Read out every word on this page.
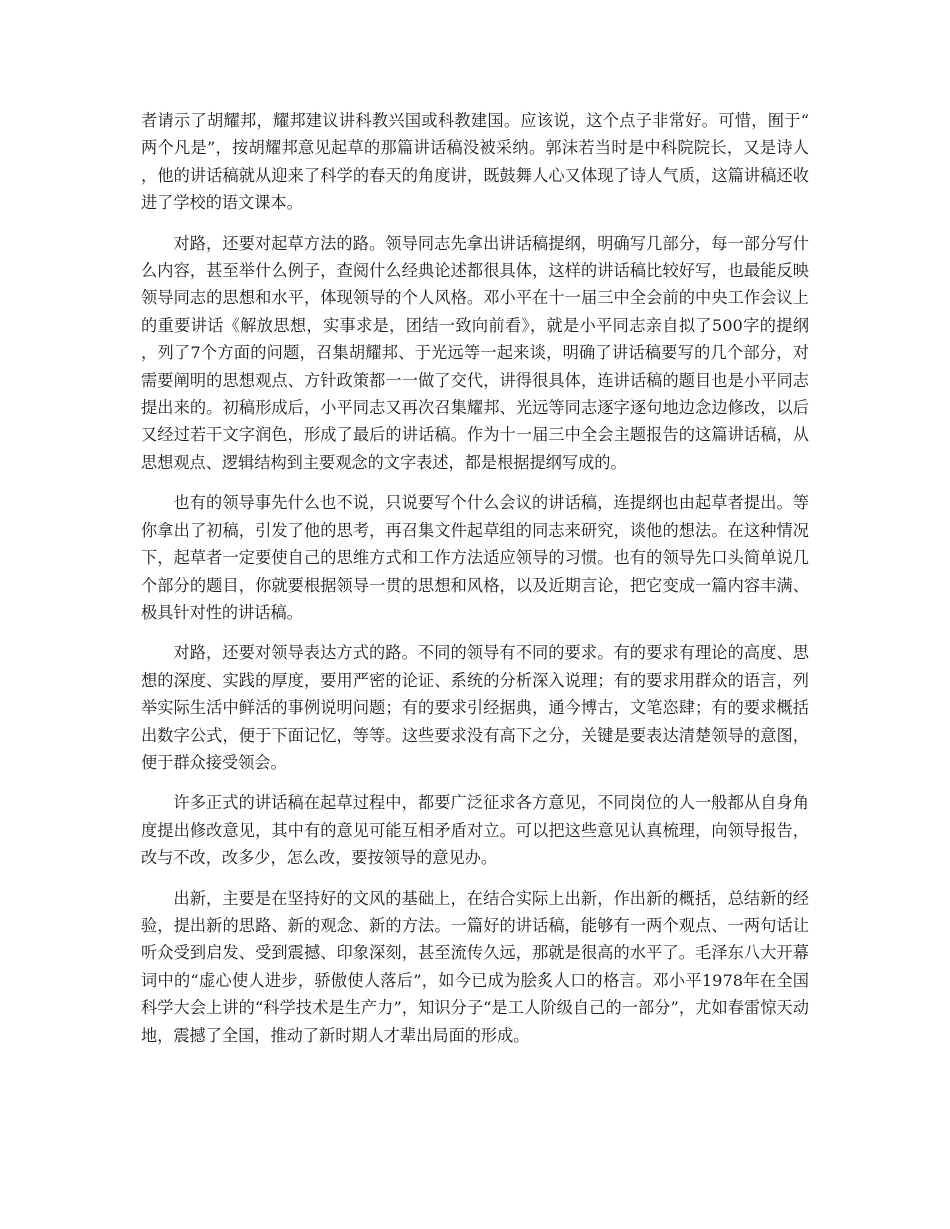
者请示了胡耀邦，耀邦建议讲科教兴国或科教建国。应该说，这个点子非常好。可惜，囿于“两个凡是”，按胡耀邦意见起草的那篇讲话稿没被采纳。郭沫若当时是中科院院长，又是诗人，他的讲话稿就从迎来了科学的春天的角度讲，既鼓舞人心又体现了诗人气质，这篇讲稿还收进了学校的语文课本。

对路，还要对起草方法的路。领导同志先拿出讲话稿提纲，明确写几部分，每一部分写什么内容，甚至举什么例子，查阅什么经典论述都很具体，这样的讲话稿比较好写，也最能反映领导同志的思想和水平，体现领导的个人风格。邓小平在十一届三中全会前的中央工作会议上的重要讲话《解放思想，实事求是，团结一致向前看》，就是小平同志亲自拟了500字的提纲，列了7个方面的问题，召集胡耀邦、于光远等一起来谈，明确了讲话稿要写的几个部分，对需要阐明的思想观点、方针政策都一一做了交代，讲得很具体，连讲话稿的题目也是小平同志提出来的。初稿形成后，小平同志又再次召集耀邦、光远等同志逐字逐句地边念边修改，以后又经过若干文字润色，形成了最后的讲话稿。作为十一届三中全会主题报告的这篇讲话稿，从思想观点、逻辑结构到主要观念的文字表述，都是根据提纲写成的。

也有的领导事先什么也不说，只说要写个什么会议的讲话稿，连提纲也由起草者提出。等你拿出了初稿，引发了他的思考，再召集文件起草组的同志来研究，谈他的想法。在这种情况下，起草者一定要使自己的思维方式和工作方法适应领导的习惯。也有的领导先口头简单说几个部分的题目，你就要根据领导一贯的思想和风格，以及近期言论，把它变成一篇内容丰满、极具针对性的讲话稿。

对路，还要对领导表达方式的路。不同的领导有不同的要求。有的要求有理论的高度、思想的深度、实践的厚度，要用严密的论证、系统的分析深入说理；有的要求用群众的语言，列举实际生活中鲜活的事例说明问题；有的要求引经据典，通今博古，文笔恣肆；有的要求概括出数字公式，便于下面记忆，等等。这些要求没有高下之分，关键是要表达清楚领导的意图，便于群众接受领会。

许多正式的讲话稿在起草过程中，都要广泛征求各方意见，不同岗位的人一般都从自身角度提出修改意见，其中有的意见可能互相矛盾对立。可以把这些意见认真梳理，向领导报告，改与不改，改多少，怎么改，要按领导的意见办。

出新，主要是在坚持好的文风的基础上，在结合实际上出新，作出新的概括，总结新的经验，提出新的思路、新的观念、新的方法。一篇好的讲话稿，能够有一两个观点、一两句话让听众受到启发、受到震撼、印象深刻，甚至流传久远，那就是很高的水平了。毛泽东八大开幕词中的“虚心使人进步，骄傲使人落后”，如今已成为脍炙人口的格言。邓小平1978年在全国科学大会上讲的“科学技术是生产力”，知识分子“是工人阶级自己的一部分”，尤如春雷惊天动地，震撼了全国，推动了新时期人才辈出局面的形成。
